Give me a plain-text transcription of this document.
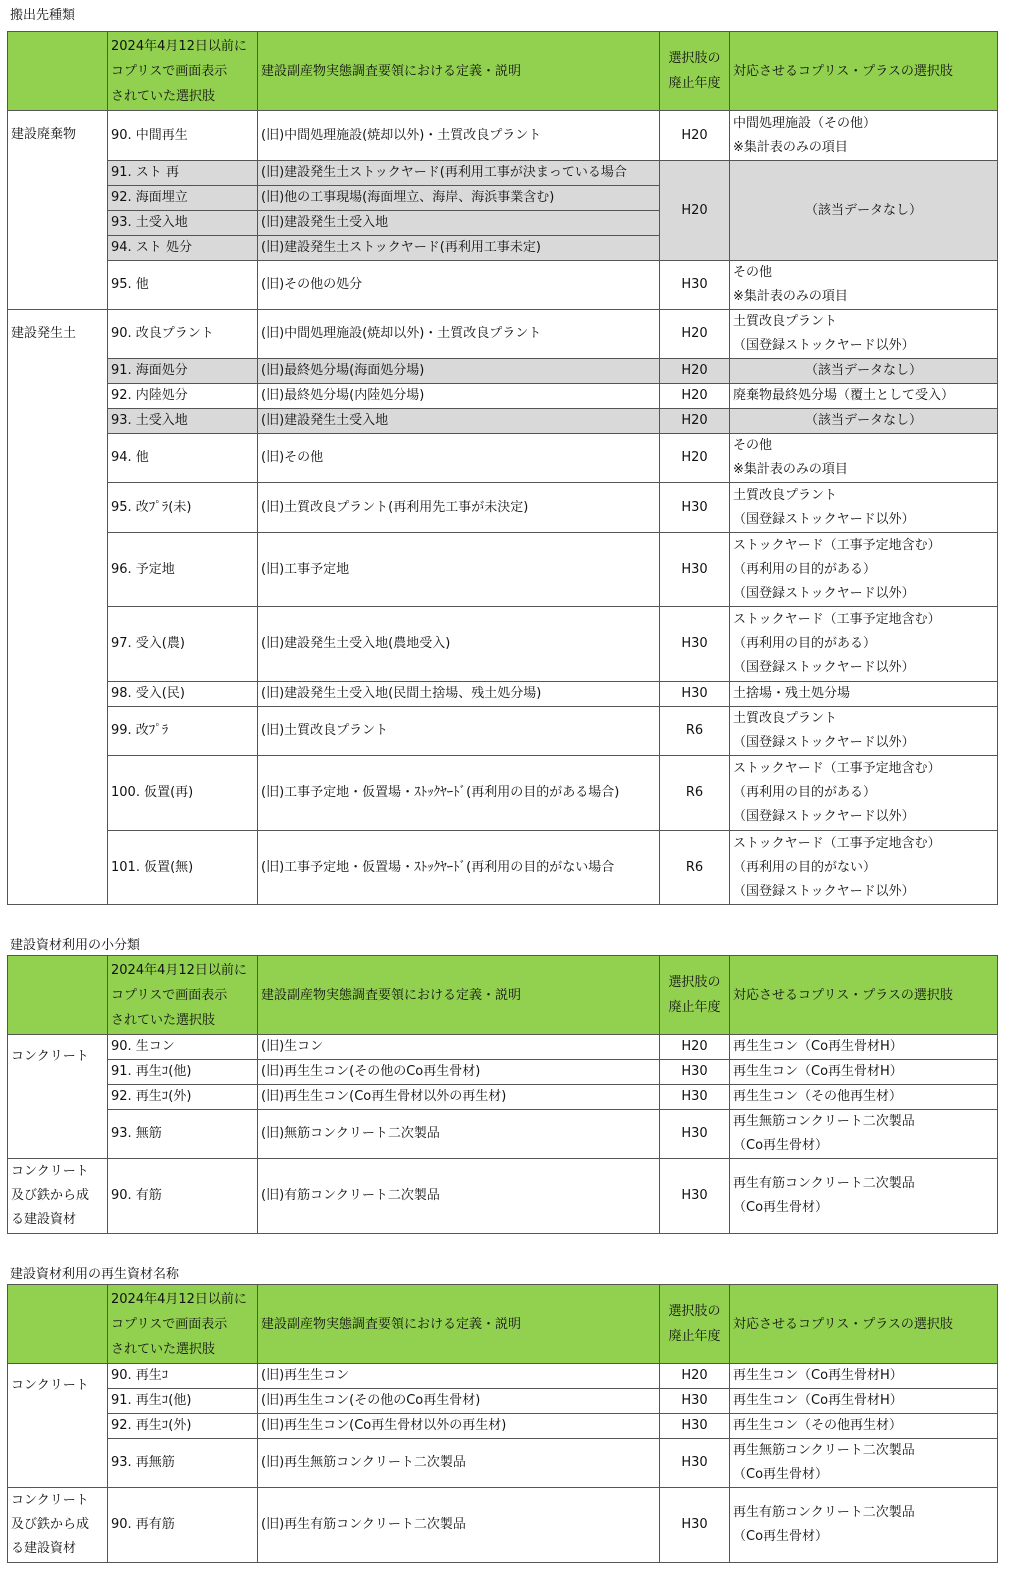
搬出先種類

	2024年4月12日以前に
コプリスで画面表示
されていた選択肢	建設副産物実態調査要領における定義・説明	選択肢の
廃止年度	対応させるコプリス・プラスの選択肢
建設廃棄物	90. 中間再生	(旧)中間処理施設(焼却以外)・土質改良プラント	H20	中間処理施設（その他）
※集計表のみの項目

	91. スト 再	(旧)建設発生土ストックヤード(再利用工事が決まっている場合	H20	（該当データなし）
	92. 海面埋立	(旧)他の工事現場(海面埋立、海岸、海浜事業含む)		
	93. 土受入地	(旧)建設発生土受入地		
	94. スト 処分	(旧)建設発生土ストックヤード(再利用工事未定)		
	95. 他	(旧)その他の処分	H30	その他
※集計表のみの項目

建設発生土	90. 改良プラント	(旧)中間処理施設(焼却以外)・土質改良プラント	H20	土質改良プラント
（国登録ストックヤード以外）

	91. 海面処分	(旧)最終処分場(海面処分場)	H20	（該当データなし）
	92. 内陸処分	(旧)最終処分場(内陸処分場)	H20	廃棄物最終処分場（覆土として受入）
	93. 土受入地	(旧)建設発生土受入地	H20	（該当データなし）
	94. 他	(旧)その他	H20	その他
※集計表のみの項目

	95. 改ﾌﾟﾗ(未)	(旧)土質改良プラント(再利用先工事が未決定)	H30	土質改良プラント
（国登録ストックヤード以外）

	96. 予定地	(旧)工事予定地	H30	ストックヤード（工事予定地含む）
（再利用の目的がある）
（国登録ストックヤード以外）

	97. 受入(農)	(旧)建設発生土受入地(農地受入)	H30	ストックヤード（工事予定地含む）
（再利用の目的がある）
（国登録ストックヤード以外）

	98. 受入(民)	(旧)建設発生土受入地(民間土捨場、残土処分場)	H30	土捨場・残土処分場
	99. 改ﾌﾟﾗ	(旧)土質改良プラント	R6	土質改良プラント
（国登録ストックヤード以外）

	100. 仮置(再)	(旧)工事予定地・仮置場・ｽﾄｯｸﾔｰﾄﾞ(再利用の目的がある場合)	R6	ストックヤード（工事予定地含む）
（再利用の目的がある）
（国登録ストックヤード以外）

	101. 仮置(無)	(旧)工事予定地・仮置場・ｽﾄｯｸﾔｰﾄﾞ(再利用の目的がない場合	R6	ストックヤード（工事予定地含む）
（再利用の目的がない）
（国登録ストックヤード以外）
建設資材利用の小分類

	2024年4月12日以前に
コプリスで画面表示
されていた選択肢	建設副産物実態調査要領における定義・説明	選択肢の
廃止年度	対応させるコプリス・プラスの選択肢
コンクリート	90. 生コン	(旧)生コン	H20	再生生コン（Co再生骨材H）
	91. 再生ｺ(他)	(旧)再生生コン(その他のCo再生骨材)	H30	再生生コン（Co再生骨材H）
	92. 再生ｺ(外)	(旧)再生生コン(Co再生骨材以外の再生材)	H30	再生生コン（その他再生材）
	93. 無筋	(旧)無筋コンクリート二次製品	H30	再生無筋コンクリート二次製品
（Co再生骨材）

コンクリート
及び鉄から成
る建設資材	90. 有筋	(旧)有筋コンクリート二次製品	H30	再生有筋コンクリート二次製品
（Co再生骨材）
建設資材利用の再生資材名称

	2024年4月12日以前に
コプリスで画面表示
されていた選択肢	建設副産物実態調査要領における定義・説明	選択肢の
廃止年度	対応させるコプリス・プラスの選択肢
コンクリート	90. 再生ｺ	(旧)再生生コン	H20	再生生コン（Co再生骨材H）
	91. 再生ｺ(他)	(旧)再生生コン(その他のCo再生骨材)	H30	再生生コン（Co再生骨材H）
	92. 再生ｺ(外)	(旧)再生生コン(Co再生骨材以外の再生材)	H30	再生生コン（その他再生材）
	93. 再無筋	(旧)再生無筋コンクリート二次製品	H30	再生無筋コンクリート二次製品
（Co再生骨材）

コンクリート
及び鉄から成
る建設資材	90. 再有筋	(旧)再生有筋コンクリート二次製品	H30	再生有筋コンクリート二次製品
（Co再生骨材）
